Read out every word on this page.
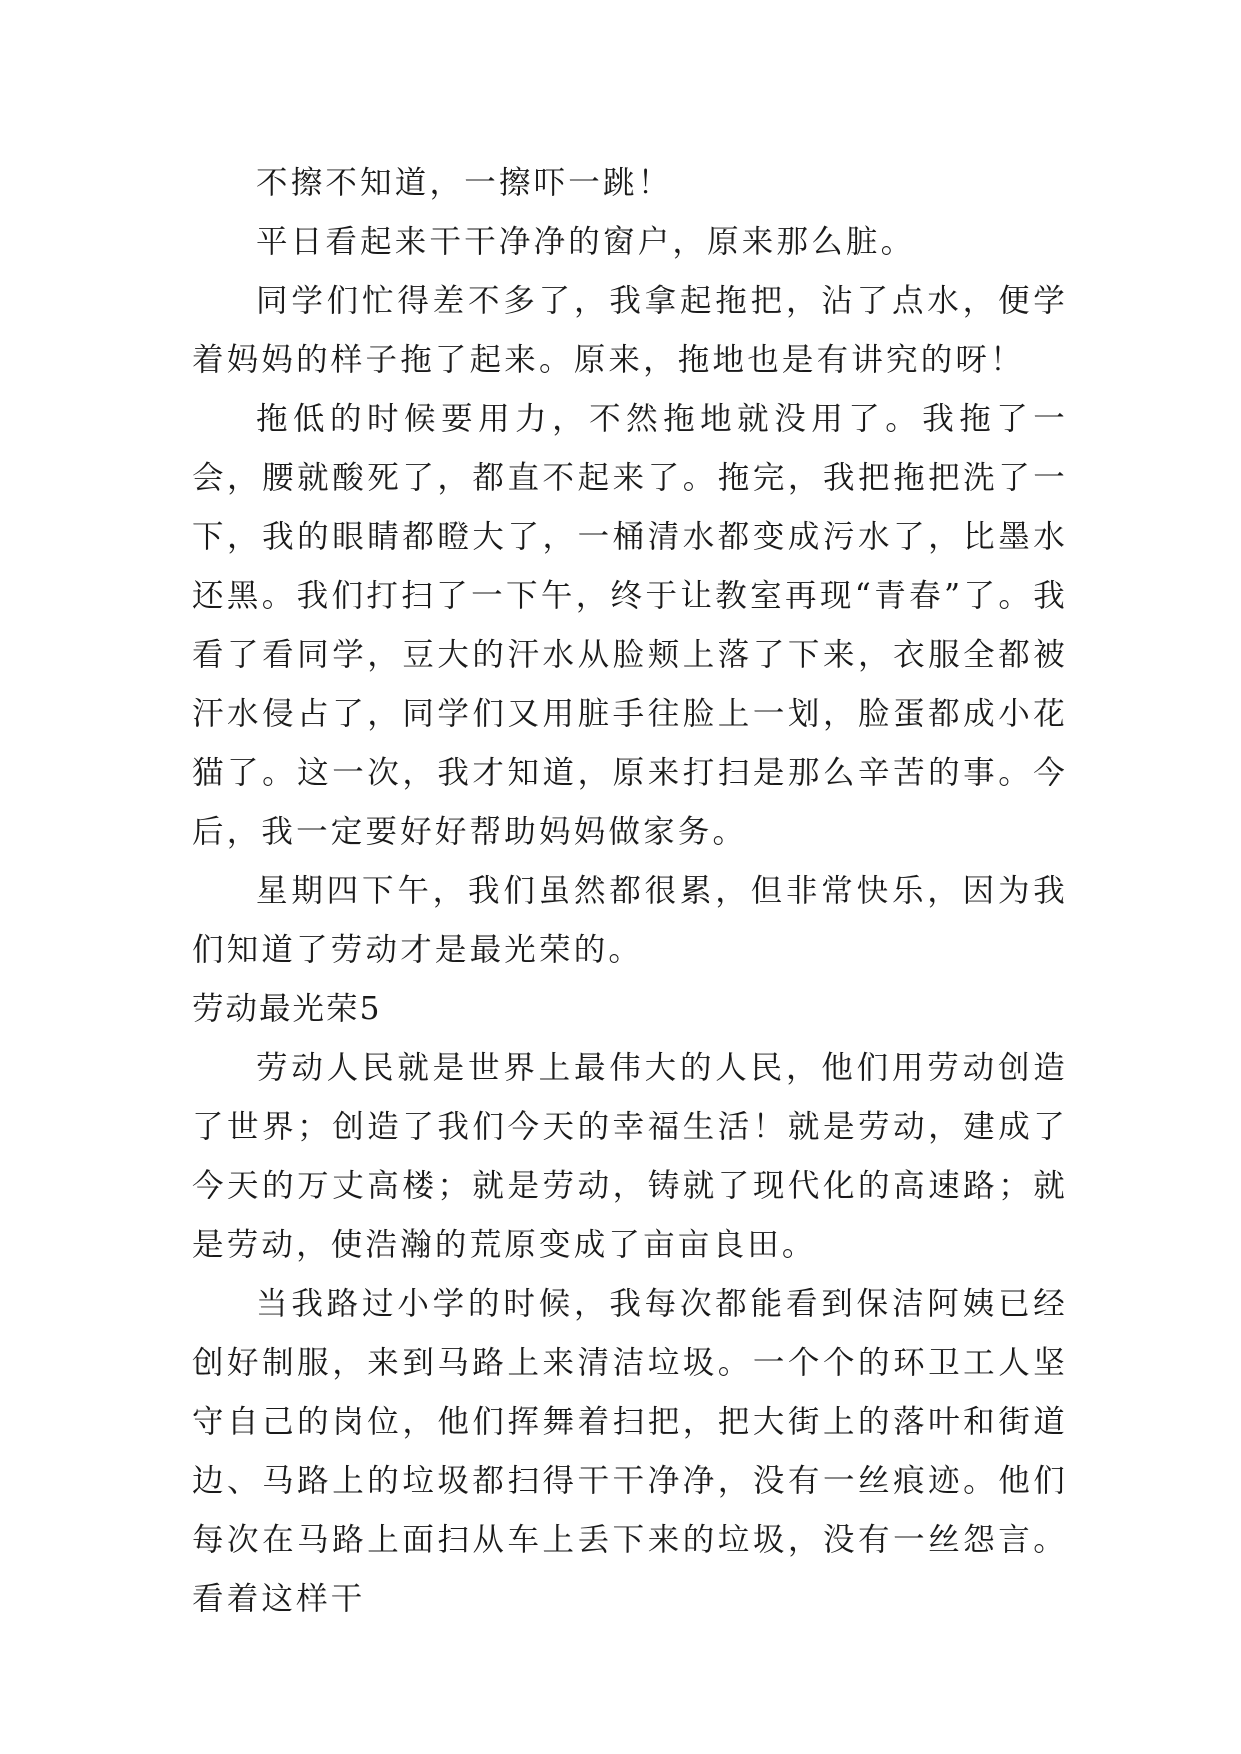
不擦不知道，一擦吓一跳！

平日看起来干干净净的窗户，原来那么脏。

同学们忙得差不多了，我拿起拖把，沾了点水，便学着妈妈的样子拖了起来。原来，拖地也是有讲究的呀！

拖低的时候要用力，不然拖地就没用了。我拖了一会，腰就酸死了，都直不起来了。拖完，我把拖把洗了一下，我的眼睛都瞪大了，一桶清水都变成污水了，比墨水还黑。我们打扫了一下午，终于让教室再现“青春”了。我看了看同学，豆大的汗水从脸颊上落了下来，衣服全都被汗水侵占了，同学们又用脏手往脸上一划，脸蛋都成小花猫了。这一次，我才知道，原来打扫是那么辛苦的事。今后，我一定要好好帮助妈妈做家务。

星期四下午，我们虽然都很累，但非常快乐，因为我们知道了劳动才是最光荣的。

劳动最光荣5

劳动人民就是世界上最伟大的人民，他们用劳动创造了世界；创造了我们今天的幸福生活！就是劳动，建成了今天的万丈高楼；就是劳动，铸就了现代化的高速路；就是劳动，使浩瀚的荒原变成了亩亩良田。

当我路过小学的时候，我每次都能看到保洁阿姨已经创好制服，来到马路上来清洁垃圾。一个个的环卫工人坚守自己的岗位，他们挥舞着扫把，把大街上的落叶和街道边、马路上的垃圾都扫得干干净净，没有一丝痕迹。他们每次在马路上面扫从车上丢下来的垃圾，没有一丝怨言。看着这样干
